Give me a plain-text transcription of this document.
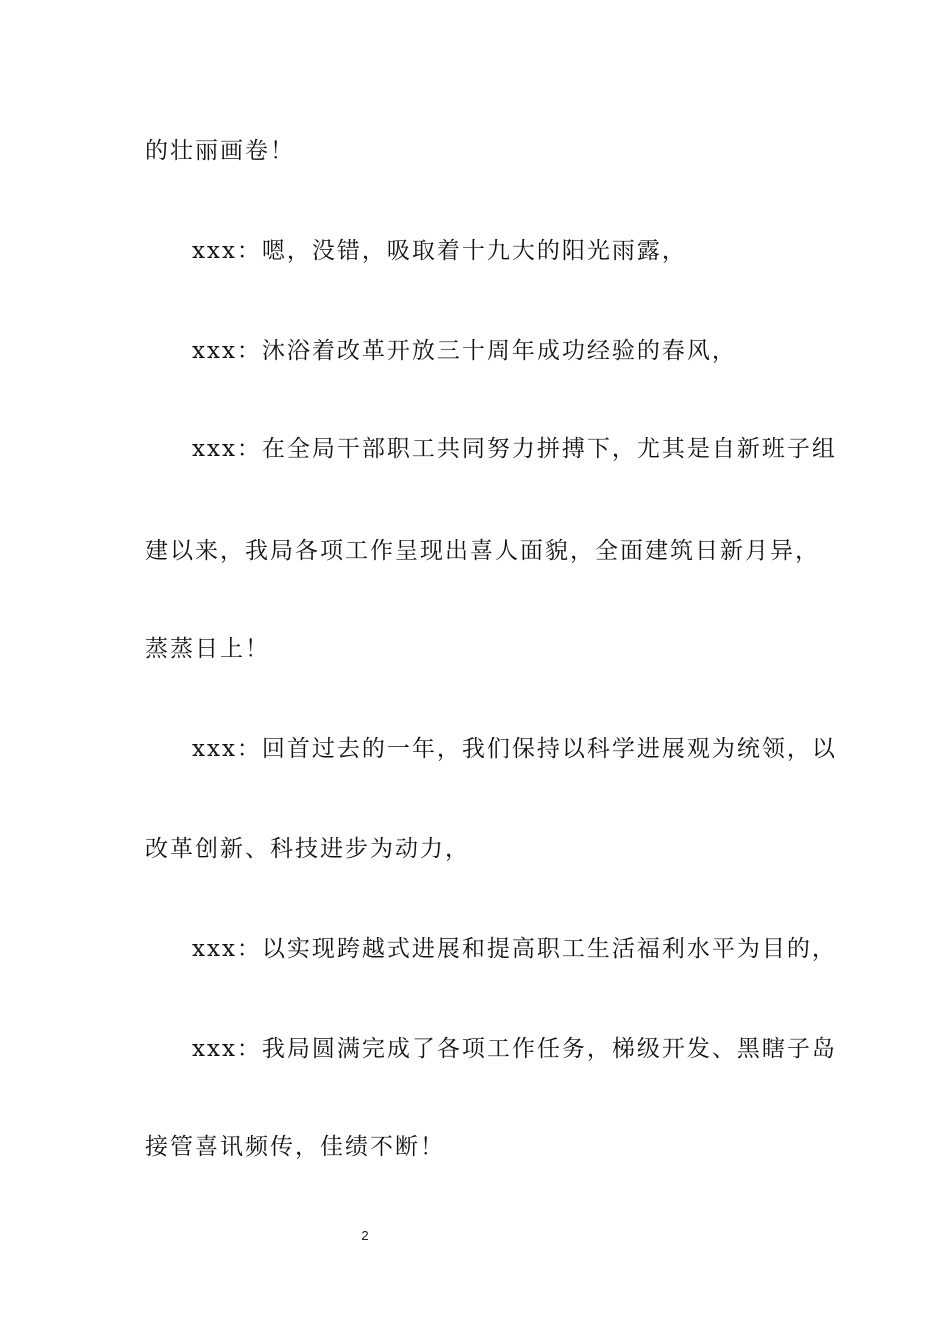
的壮丽画卷！
xxx：嗯，没错，吸取着十九大的阳光雨露，
xxx：沐浴着改革开放三十周年成功经验的春风，
xxx：在全局干部职工共同努力拼搏下，尤其是自新班子组
建以来，我局各项工作呈现出喜人面貌，全面建筑日新月异，
蒸蒸日上！
xxx：回首过去的一年，我们保持以科学进展观为统领，以
改革创新、科技进步为动力，
xxx：以实现跨越式进展和提高职工生活福利水平为目的，
xxx：我局圆满完成了各项工作任务，梯级开发、黑瞎子岛
接管喜讯频传，佳绩不断！
2
